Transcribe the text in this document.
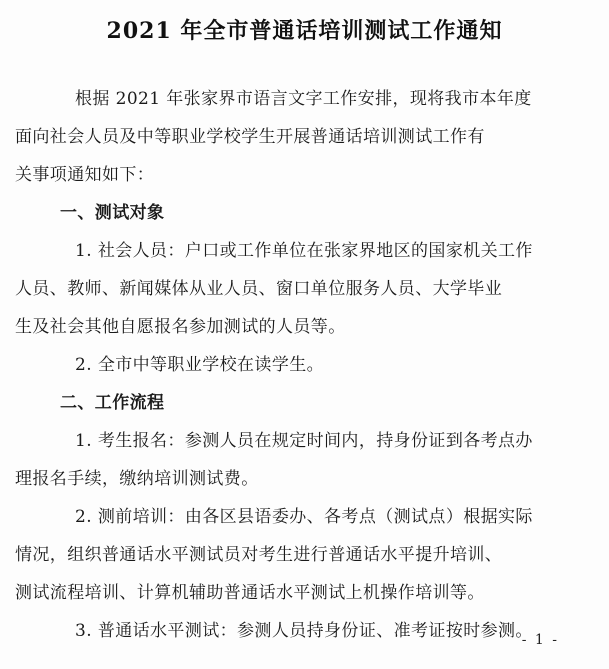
2021 年全市普通话培训测试工作通知
根据 2021 年张家界市语言文字工作安排，现将我市本年度
面向社会人员及中等职业学校学生开展普通话培训测试工作有
关事项通知如下：
一、测试对象
1. 社会人员：户口或工作单位在张家界地区的国家机关工作
人员、教师、新闻媒体从业人员、窗口单位服务人员、大学毕业
生及社会其他自愿报名参加测试的人员等。
2. 全市中等职业学校在读学生。
二、工作流程
1. 考生报名：参测人员在规定时间内，持身份证到各考点办
理报名手续，缴纳培训测试费。
2. 测前培训：由各区县语委办、各考点（测试点）根据实际
情况，组织普通话水平测试员对考生进行普通话水平提升培训、
测试流程培训、计算机辅助普通话水平测试上机操作培训等。
3. 普通话水平测试：参测人员持身份证、准考证按时参测。
- 1 -
